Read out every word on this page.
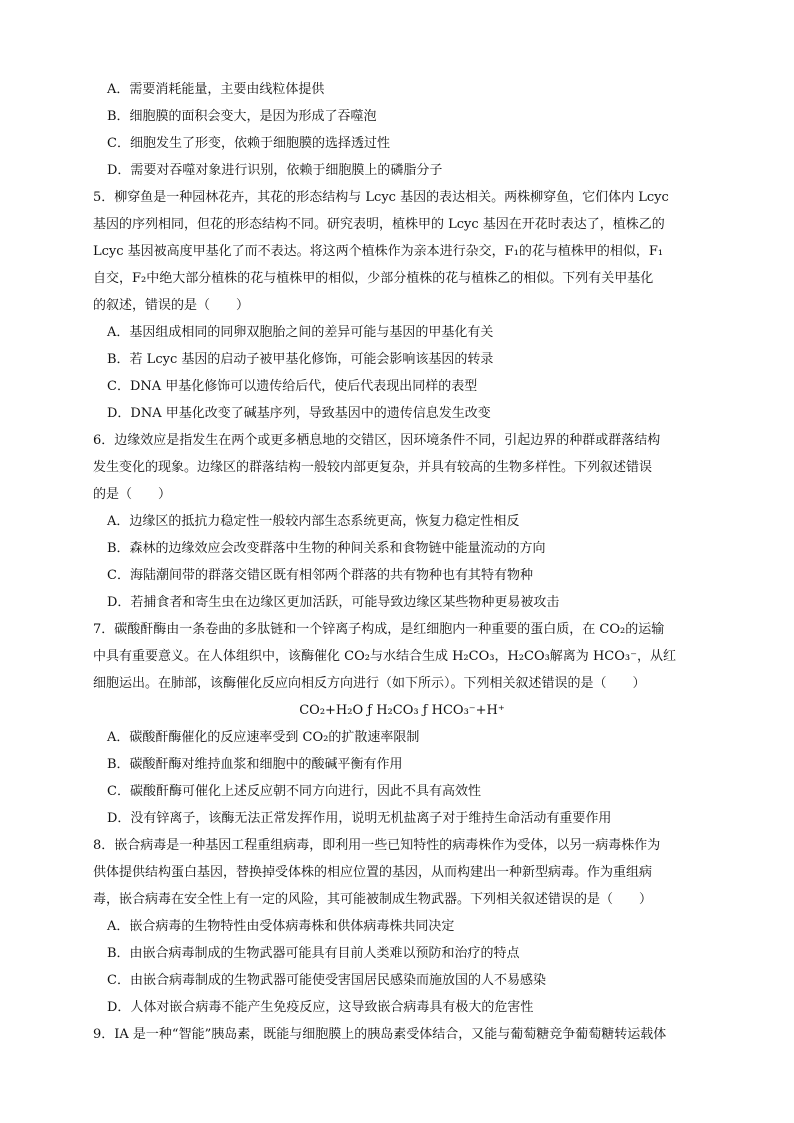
A．需要消耗能量，主要由线粒体提供
B．细胞膜的面积会变大，是因为形成了吞噬泡
C．细胞发生了形变，依赖于细胞膜的选择透过性
D．需要对吞噬对象进行识别，依赖于细胞膜上的磷脂分子
5．柳穿鱼是一种园林花卉，其花的形态结构与 Lcyc 基因的表达相关。两株柳穿鱼，它们体内 Lcyc
基因的序列相同，但花的形态结构不同。研究表明，植株甲的 Lcyc 基因在开花时表达了，植株乙的
Lcyc 基因被高度甲基化了而不表达。将这两个植株作为亲本进行杂交，F₁的花与植株甲的相似，F₁
自交，F₂中绝大部分植株的花与植株甲的相似，少部分植株的花与植株乙的相似。下列有关甲基化
的叙述，错误的是（　　）
A．基因组成相同的同卵双胞胎之间的差异可能与基因的甲基化有关
B．若 Lcyc 基因的启动子被甲基化修饰，可能会影响该基因的转录
C．DNA 甲基化修饰可以遗传给后代，使后代表现出同样的表型
D．DNA 甲基化改变了碱基序列，导致基因中的遗传信息发生改变
6．边缘效应是指发生在两个或更多栖息地的交错区，因环境条件不同，引起边界的种群或群落结构
发生变化的现象。边缘区的群落结构一般较内部更复杂，并具有较高的生物多样性。下列叙述错误
的是（　　）
A．边缘区的抵抗力稳定性一般较内部生态系统更高，恢复力稳定性相反
B．森林的边缘效应会改变群落中生物的种间关系和食物链中能量流动的方向
C．海陆潮间带的群落交错区既有相邻两个群落的共有物种也有其特有物种
D．若捕食者和寄生虫在边缘区更加活跃，可能导致边缘区某些物种更易被攻击
7．碳酸酐酶由一条卷曲的多肽链和一个锌离子构成，是红细胞内一种重要的蛋白质，在 CO₂的运输
中具有重要意义。在人体组织中，该酶催化 CO₂与水结合生成 H₂CO₃，H₂CO₃解离为 HCO₃⁻，从红
细胞运出。在肺部，该酶催化反应向相反方向进行（如下所示）。下列相关叙述错误的是（　　）
CO₂+H₂O ƒ H₂CO₃ ƒ HCO₃⁻+H⁺
A．碳酸酐酶催化的反应速率受到 CO₂的扩散速率限制
B．碳酸酐酶对维持血浆和细胞中的酸碱平衡有作用
C．碳酸酐酶可催化上述反应朝不同方向进行，因此不具有高效性
D．没有锌离子，该酶无法正常发挥作用，说明无机盐离子对于维持生命活动有重要作用
8．嵌合病毒是一种基因工程重组病毒，即利用一些已知特性的病毒株作为受体，以另一病毒株作为
供体提供结构蛋白基因，替换掉受体株的相应位置的基因，从而构建出一种新型病毒。作为重组病
毒，嵌合病毒在安全性上有一定的风险，其可能被制成生物武器。下列相关叙述错误的是（　　）
A．嵌合病毒的生物特性由受体病毒株和供体病毒株共同决定
B．由嵌合病毒制成的生物武器可能具有目前人类难以预防和治疗的特点
C．由嵌合病毒制成的生物武器可能使受害国居民感染而施放国的人不易感染
D．人体对嵌合病毒不能产生免疫反应，这导致嵌合病毒具有极大的危害性
9．IA 是一种“智能”胰岛素，既能与细胞膜上的胰岛素受体结合，又能与葡萄糖竞争葡萄糖转运载体
